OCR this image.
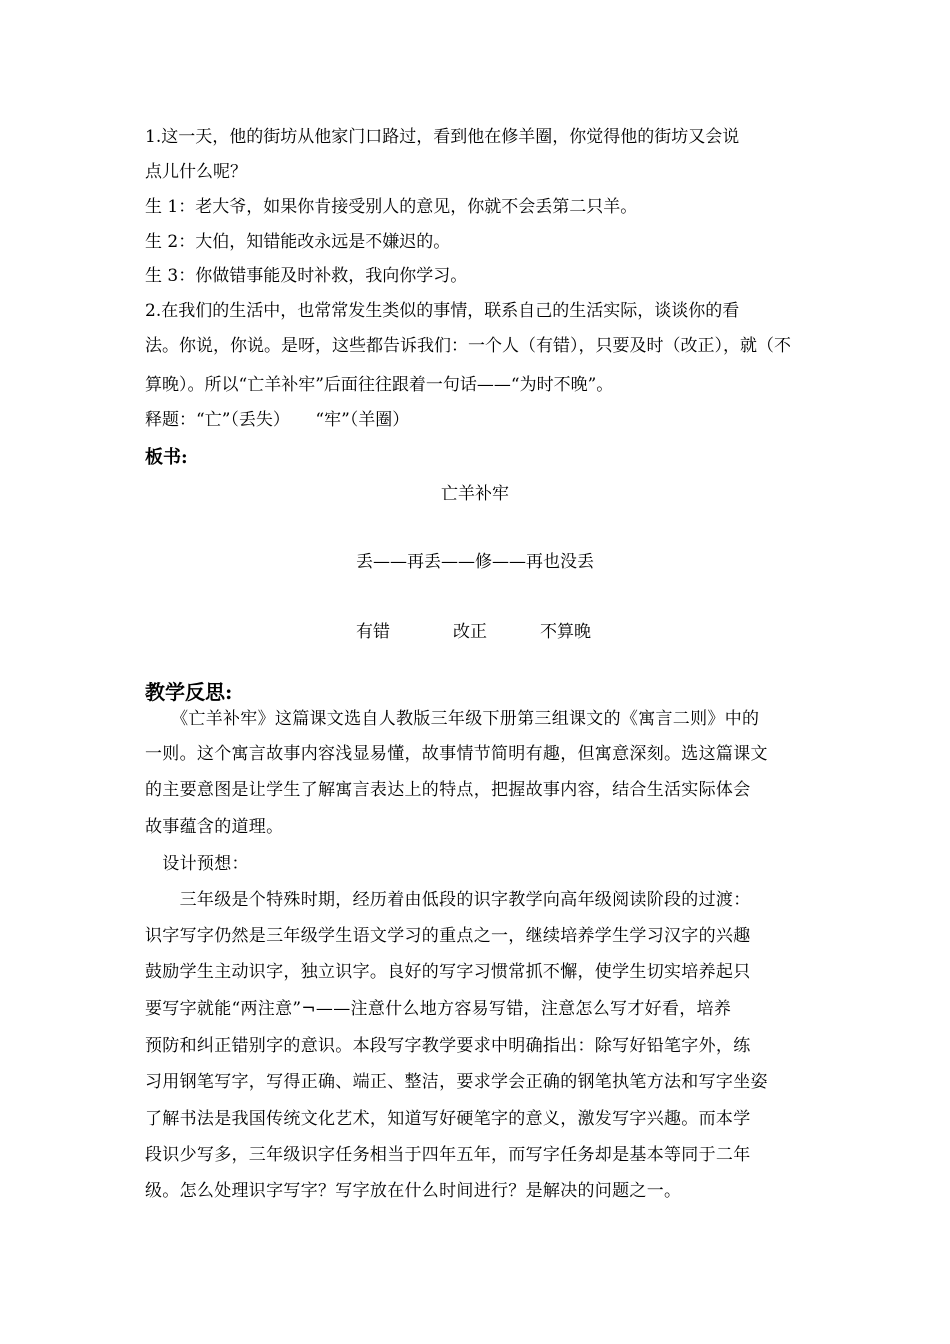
1.这一天，他的街坊从他家门口路过，看到他在修羊圈，你觉得他的街坊又会说
点儿什么呢？
生 1：老大爷，如果你肯接受别人的意见，你就不会丢第二只羊。
生 2：大伯，知错能改永远是不嫌迟的。
生 3：你做错事能及时补救，我向你学习。
2.在我们的生活中，也常常发生类似的事情，联系自己的生活实际，谈谈你的看
法。你说，你说。是呀，这些都告诉我们：一个人（有错），只要及时（改正），就（不
算晚）。所以“亡羊补牢”后面往往跟着一句话——“为时不晚”。
释题：“亡”（丢失）　　“牢”（羊圈）
板书:
亡羊补牢
丢——再丢——修——再也没丢
有错	改正	不算晚
教学反思:
　　《亡羊补牢》这篇课文选自人教版三年级下册第三组课文的《寓言二则》中的
一则。这个寓言故事内容浅显易懂，故事情节简明有趣，但寓意深刻。选这篇课文
的主要意图是让学生了解寓言表达上的特点，把握故事内容，结合生活实际体会
故事蕴含的道理。
　设计预想：
　　三年级是个特殊时期，经历着由低段的识字教学向高年级阅读阶段的过渡：
识字写字仍然是三年级学生语文学习的重点之一，继续培养学生学习汉字的兴趣
鼓励学生主动识字，独立识字。良好的写字习惯常抓不懈，使学生切实培养起只
要写字就能“两注意”¬——注意什么地方容易写错，注意怎么写才好看，培养
预防和纠正错别字的意识。本段写字教学要求中明确指出：除写好铅笔字外，练
习用钢笔写字，写得正确、端正、整洁，要求学会正确的钢笔执笔方法和写字坐姿
了解书法是我国传统文化艺术，知道写好硬笔字的意义，激发写字兴趣。而本学
段识少写多，三年级识字任务相当于四年五年，而写字任务却是基本等同于二年
级。怎么处理识字写字？写字放在什么时间进行？是解决的问题之一。
